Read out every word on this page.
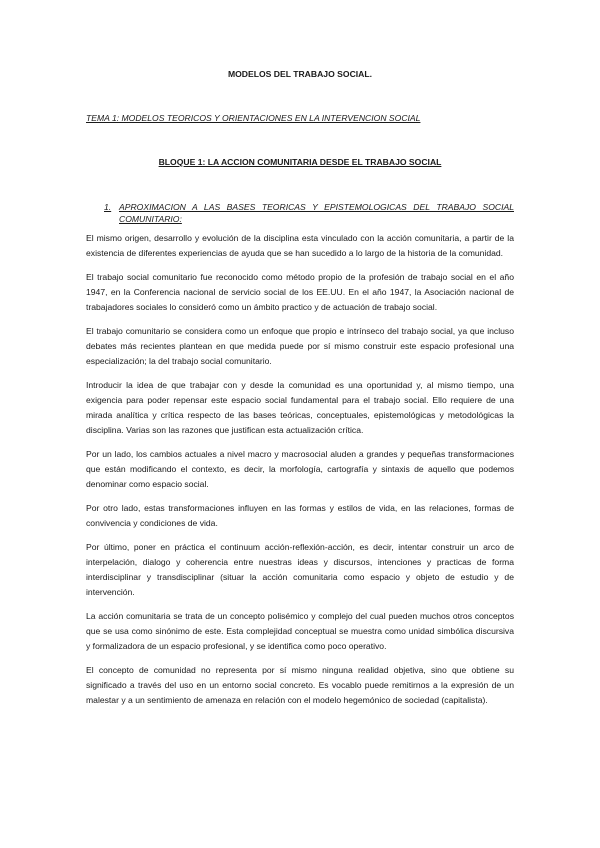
MODELOS DEL TRABAJO SOCIAL.
TEMA 1: MODELOS TEORICOS Y ORIENTACIONES EN LA INTERVENCION SOCIAL
BLOQUE 1: LA ACCION COMUNITARIA DESDE EL TRABAJO SOCIAL
1. APROXIMACION A LAS BASES TEORICAS Y EPISTEMOLOGICAS DEL TRABAJO SOCIAL COMUNITARIO:

El mismo origen, desarrollo y evolución de la disciplina esta vinculado con la acción comunitaria, a partir de la existencia de diferentes experiencias de ayuda que se han sucedido a lo largo de la historia de la comunidad.

El trabajo social comunitario fue reconocido como método propio de la profesión de trabajo social en el año 1947, en la Conferencia nacional de servicio social de los EE.UU. En el año 1947, la Asociación nacional de trabajadores sociales lo consideró como un ámbito practico y de actuación de trabajo social.

El trabajo comunitario se considera como un enfoque que propio e intrínseco del trabajo social, ya que incluso debates más recientes plantean en que medida puede por sí mismo construir este espacio profesional una especialización; la del trabajo social comunitario.

Introducir la idea de que trabajar con y desde la comunidad es una oportunidad y, al mismo tiempo, una exigencia para poder repensar este espacio social fundamental para el trabajo social. Ello requiere de una mirada analítica y crítica respecto de las bases teóricas, conceptuales, epistemológicas y metodológicas la disciplina. Varias son las razones que justifican esta actualización crítica.

Por un lado, los cambios actuales a nivel macro y macrosocial aluden a grandes y pequeñas transformaciones que están modificando el contexto, es decir, la morfología, cartografía y sintaxis de aquello que podemos denominar como espacio social.

Por otro lado, estas transformaciones influyen en las formas y estilos de vida, en las relaciones, formas de convivencia y condiciones de vida.

Por último, poner en práctica el continuum acción-reflexión-acción, es decir, intentar construir un arco de interpelación, dialogo y coherencia entre nuestras ideas y discursos, intenciones y practicas de forma interdisciplinar y transdisciplinar (situar la acción comunitaria como espacio y objeto de estudio y de intervención.

La acción comunitaria se trata de un concepto polisémico y complejo del cual pueden muchos otros conceptos que se usa como sinónimo de este. Esta complejidad conceptual se muestra como unidad simbólica discursiva y formalizadora de un espacio profesional, y se identifica como poco operativo.

El concepto de comunidad no representa por sí mismo ninguna realidad objetiva, sino que obtiene su significado a través del uso en un entorno social concreto. Es vocablo puede remitirnos a la expresión de un malestar y a un sentimiento de amenaza en relación con el modelo hegemónico de sociedad (capitalista).
